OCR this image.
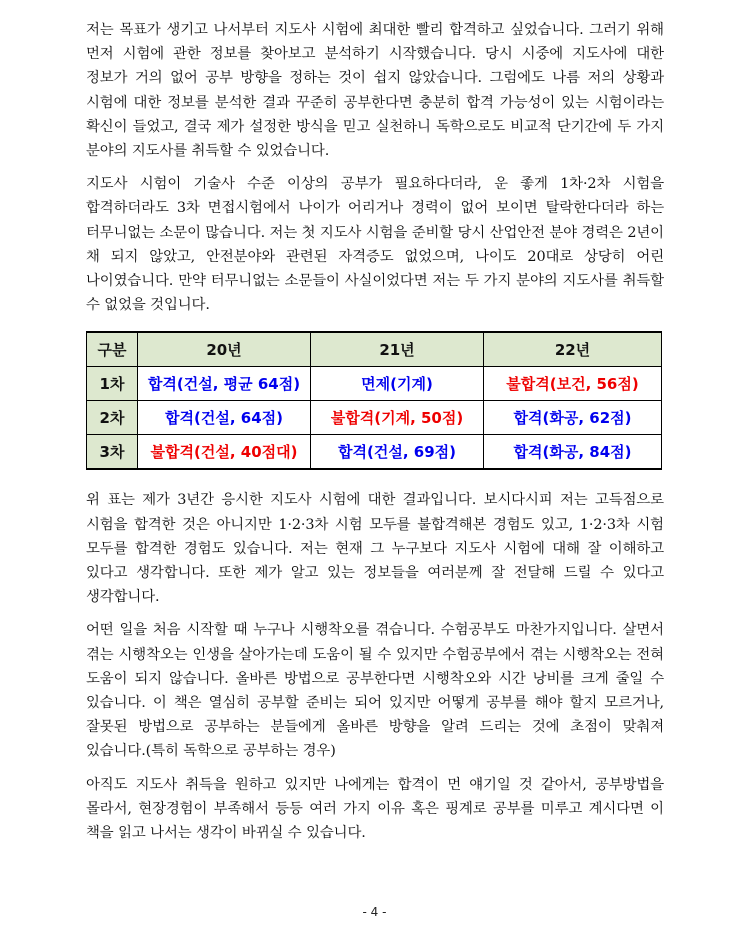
저는 목표가 생기고 나서부터 지도사 시험에 최대한 빨리 합격하고 싶었습니다. 그러기 위해 먼저 시험에 관한 정보를 찾아보고 분석하기 시작했습니다. 당시 시중에 지도사에 대한 정보가 거의 없어 공부 방향을 정하는 것이 쉽지 않았습니다. 그럼에도 나름 저의 상황과 시험에 대한 정보를 분석한 결과 꾸준히 공부한다면 충분히 합격 가능성이 있는 시험이라는 확신이 들었고, 결국 제가 설정한 방식을 믿고 실천하니 독학으로도 비교적 단기간에 두 가지 분야의 지도사를 취득할 수 있었습니다.

지도사 시험이 기술사 수준 이상의 공부가 필요하다더라, 운 좋게 1차·2차 시험을 합격하더라도 3차 면접시험에서 나이가 어리거나 경력이 없어 보이면 탈락한다더라 하는 터무니없는 소문이 많습니다. 저는 첫 지도사 시험을 준비할 당시 산업안전 분야 경력은 2년이 채 되지 않았고, 안전분야와 관련된 자격증도 없었으며, 나이도 20대로 상당히 어린 나이였습니다. 만약 터무니없는 소문들이 사실이었다면 저는 두 가지 분야의 지도사를 취득할 수 없었을 것입니다.

구분	20년	21년	22년
1차	합격(건설, 평균 64점)	면제(기계)	불합격(보건, 56점)
2차	합격(건설, 64점)	불합격(기계, 50점)	합격(화공, 62점)
3차	불합격(건설, 40점대)	합격(건설, 69점)	합격(화공, 84점)

위 표는 제가 3년간 응시한 지도사 시험에 대한 결과입니다. 보시다시피 저는 고득점으로 시험을 합격한 것은 아니지만 1·2·3차 시험 모두를 불합격해본 경험도 있고, 1·2·3차 시험 모두를 합격한 경험도 있습니다. 저는 현재 그 누구보다 지도사 시험에 대해 잘 이해하고 있다고 생각합니다. 또한 제가 알고 있는 정보들을 여러분께 잘 전달해 드릴 수 있다고 생각합니다.

어떤 일을 처음 시작할 때 누구나 시행착오를 겪습니다. 수험공부도 마찬가지입니다. 살면서 겪는 시행착오는 인생을 살아가는데 도움이 될 수 있지만 수험공부에서 겪는 시행착오는 전혀 도움이 되지 않습니다. 올바른 방법으로 공부한다면 시행착오와 시간 낭비를 크게 줄일 수 있습니다. 이 책은 열심히 공부할 준비는 되어 있지만 어떻게 공부를 해야 할지 모르거나, 잘못된 방법으로 공부하는 분들에게 올바른 방향을 알려 드리는 것에 초점이 맞춰져 있습니다.(특히 독학으로 공부하는 경우)

아직도 지도사 취득을 원하고 있지만 나에게는 합격이 먼 얘기일 것 같아서, 공부방법을 몰라서, 현장경험이 부족해서 등등 여러 가지 이유 혹은 핑계로 공부를 미루고 계시다면 이 책을 읽고 나서는 생각이 바뀌실 수 있습니다.

- 4 -
